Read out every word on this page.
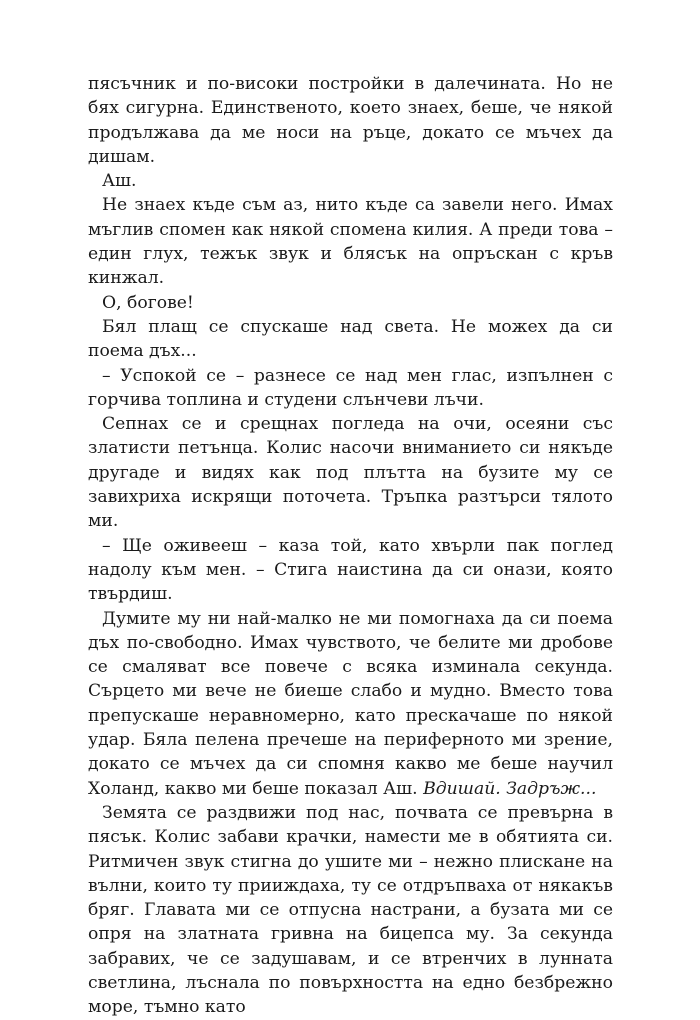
пясъчник и по-високи постройки в далечината. Но не бях сигурна. Единственото, което знаех, беше, че някой продължава да ме носи на ръце, докато се мъчех да дишам.

Аш.

Не знаех къде съм аз, нито къде са завели него. Имах мъглив спомен как някой спомена килия. А преди това – един глух, тежък звук и блясък на опръскан с кръв кинжал.

О, богове!

Бял плащ се спускаше над света. Не можех да си поема дъх...

– Успокой се – разнесе се над мен глас, изпълнен с горчива топлина и студени слънчеви лъчи.

Сепнах се и срещнах погледа на очи, осеяни със златисти петънца. Колис насочи вниманието си някъде другаде и видях как под плътта на бузите му се завихриха искрящи поточета. Тръпка разтърси тялото ми.

– Ще оживееш – каза той, като хвърли пак поглед надолу към мен. – Стига наистина да си онази, която твърдиш.

Думите му ни най-малко не ми помогнаха да си поема дъх по-свободно. Имах чувството, че белите ми дробове се смаляват все повече с всяка изминала секунда. Сърцето ми вече не биеше слабо и мудно. Вместо това препускаше неравномерно, като прескачаше по някой удар. Бяла пелена пречеше на периферното ми зрение, докато се мъчех да си спомня какво ме беше научил Холанд, какво ми беше показал Аш. Вдишай. Задръж...

Земята се раздвижи под нас, почвата се превърна в пясък. Колис забави крачки, намести ме в обятията си. Ритмичен звук стигна до ушите ми – нежно плискане на вълни, които ту прииждаха, ту се отдръпваха от някакъв бряг. Главата ми се отпусна настрани, а бузата ми се опря на златната гривна на бицепса му. За секунда забравих, че се задушавам, и се втренчих в лунната светлина, лъснала по повърхността на едно безбрежно море, тъмно като
